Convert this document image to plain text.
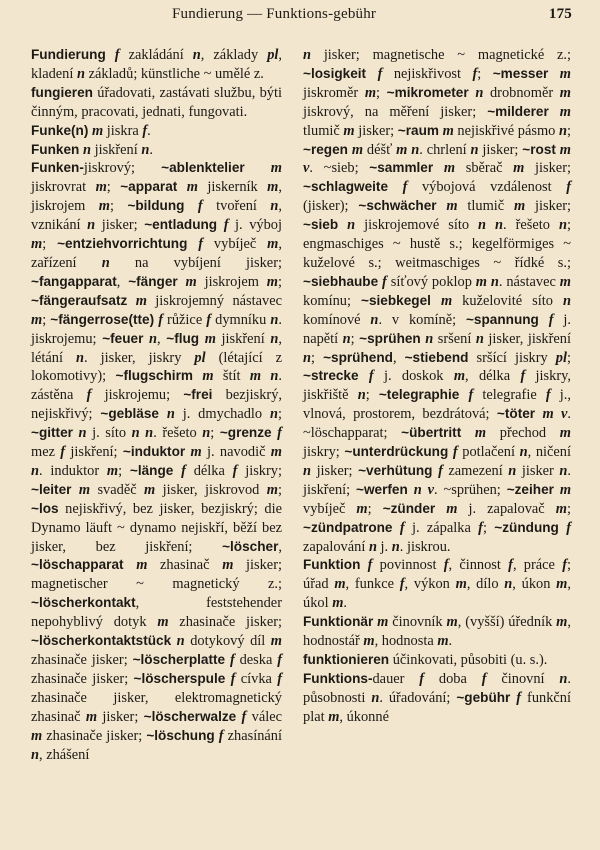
Fundierung — Funktions-gebühr	175

Fundierung f zakládání n, základy pl, kladení n základů; künstliche ~ umělé z.

fungieren úřadovati, zastávati službu, býti činným, pracovati, jednati, fungovati.

Funke(n) m jiskra f.

Funken n jiskření n.

Funken-jiskrový; ~ablenktelier m jiskrovrat m; ~apparat m jiskerník m, jiskrojem m; ~bildung f tvoření n, vznikání n jisker; ~entladung f j. výboj m; ~entziehvorrichtung f vybíječ m, zařízení n na vybíjení jisker; ~fangapparat, ~fänger m jiskrojem m; ~fängeraufsatz m jiskrojemný nástavec m; ~fängerrose(tte) f růžice f dymníku n. jiskrojemu; ~feuer n, ~flug m jiskření n, létání n. jisker, jiskry pl (létající z lokomotivy); ~flugschirm m štít m n. zástěna f jiskrojemu; ~frei bezjiskrý, nejiskřivý; ~gebläse n j. dmychadlo n; ~gitter n j. síto n n. řešeto n; ~grenze f mez f jiskření; ~induktor m j. navodič m n. induktor m; ~länge f délka f jiskry; ~leiter m svaděč m jisker, jiskrovod m; ~los nejiskřivý, bez jisker, bezjiskrý; die Dynamo läuft ~ dynamo nejiskří, běží bez jisker, bez jiskření; ~löscher, ~löschapparat m zhasinač m jisker; magnetischer ~ magnetický z.; ~löscherkontakt, feststehender nepohyblivý dotyk m zhasinače jisker; ~löscherkontaktstück n dotykový díl m zhasinače jisker; ~löscherplatte f deska f zhasinače jisker; ~löscherspule f cívka f zhasinače jisker, elektromagnetický zhasinač m jisker; ~löscherwalze f válec m zhasinače jisker; ~löschung f zhasínání n, zhášení

n jisker; magnetische ~ magnetické z.; ~losigkeit f nejiskřivost f; ~messer m jiskroměr m; ~mikrometer n drobnoměr m jiskrový, na měření jisker; ~milderer m tlumič m jisker; ~raum m nejiskřivé pásmo n; ~regen m déšť m n. chrlení n jisker; ~rost m v. ~sieb; ~sammler m sběrač m jisker; ~schlagweite f výbojová vzdálenost f (jisker); ~schwächer m tlumič m jisker; ~sieb n jiskrojemové síto n n. řešeto n; engmaschiges ~ hustě s.; kegelförmiges ~ kuželové s.; weitmaschiges ~ řídké s.; ~siebhaube f síťový poklop m n. nástavec m komínu; ~siebkegel m kuželovité síto n komínové n. v komíně; ~spannung f j. napětí n; ~sprühen n sršení n jisker, jiskření n; ~sprühend, ~stiebend sršící jiskry pl; ~strecke f j. doskok m, délka f jiskry, jiskřiště n; ~telegraphie f telegrafie f j., vlnová, prostorem, bezdrátová; ~töter m v. ~löschapparat; ~übertritt m přechod m jiskry; ~unterdrückung f potlačení n, ničení n jisker; ~verhütung f zamezení n jisker n. jiskření; ~werfen n v. ~sprühen; ~zeiher m vybíječ m; ~zünder m j. zapalovač m; ~zündpatrone f j. zápalka f; ~zündung f zapalování n j. n. jiskrou.

Funktion f povinnost f, činnost f, práce f; úřad m, funkce f, výkon m, dílo n, úkon m, úkol m.

Funktionär m činovník m, (vyšší) úředník m, hodnostář m, hodnosta m.

funktionieren účinkovati, působiti (u. s.).

Funktions-dauer f doba f činovní n. působnosti n. úřadování; ~gebühr f funkční plat m, úkonné
